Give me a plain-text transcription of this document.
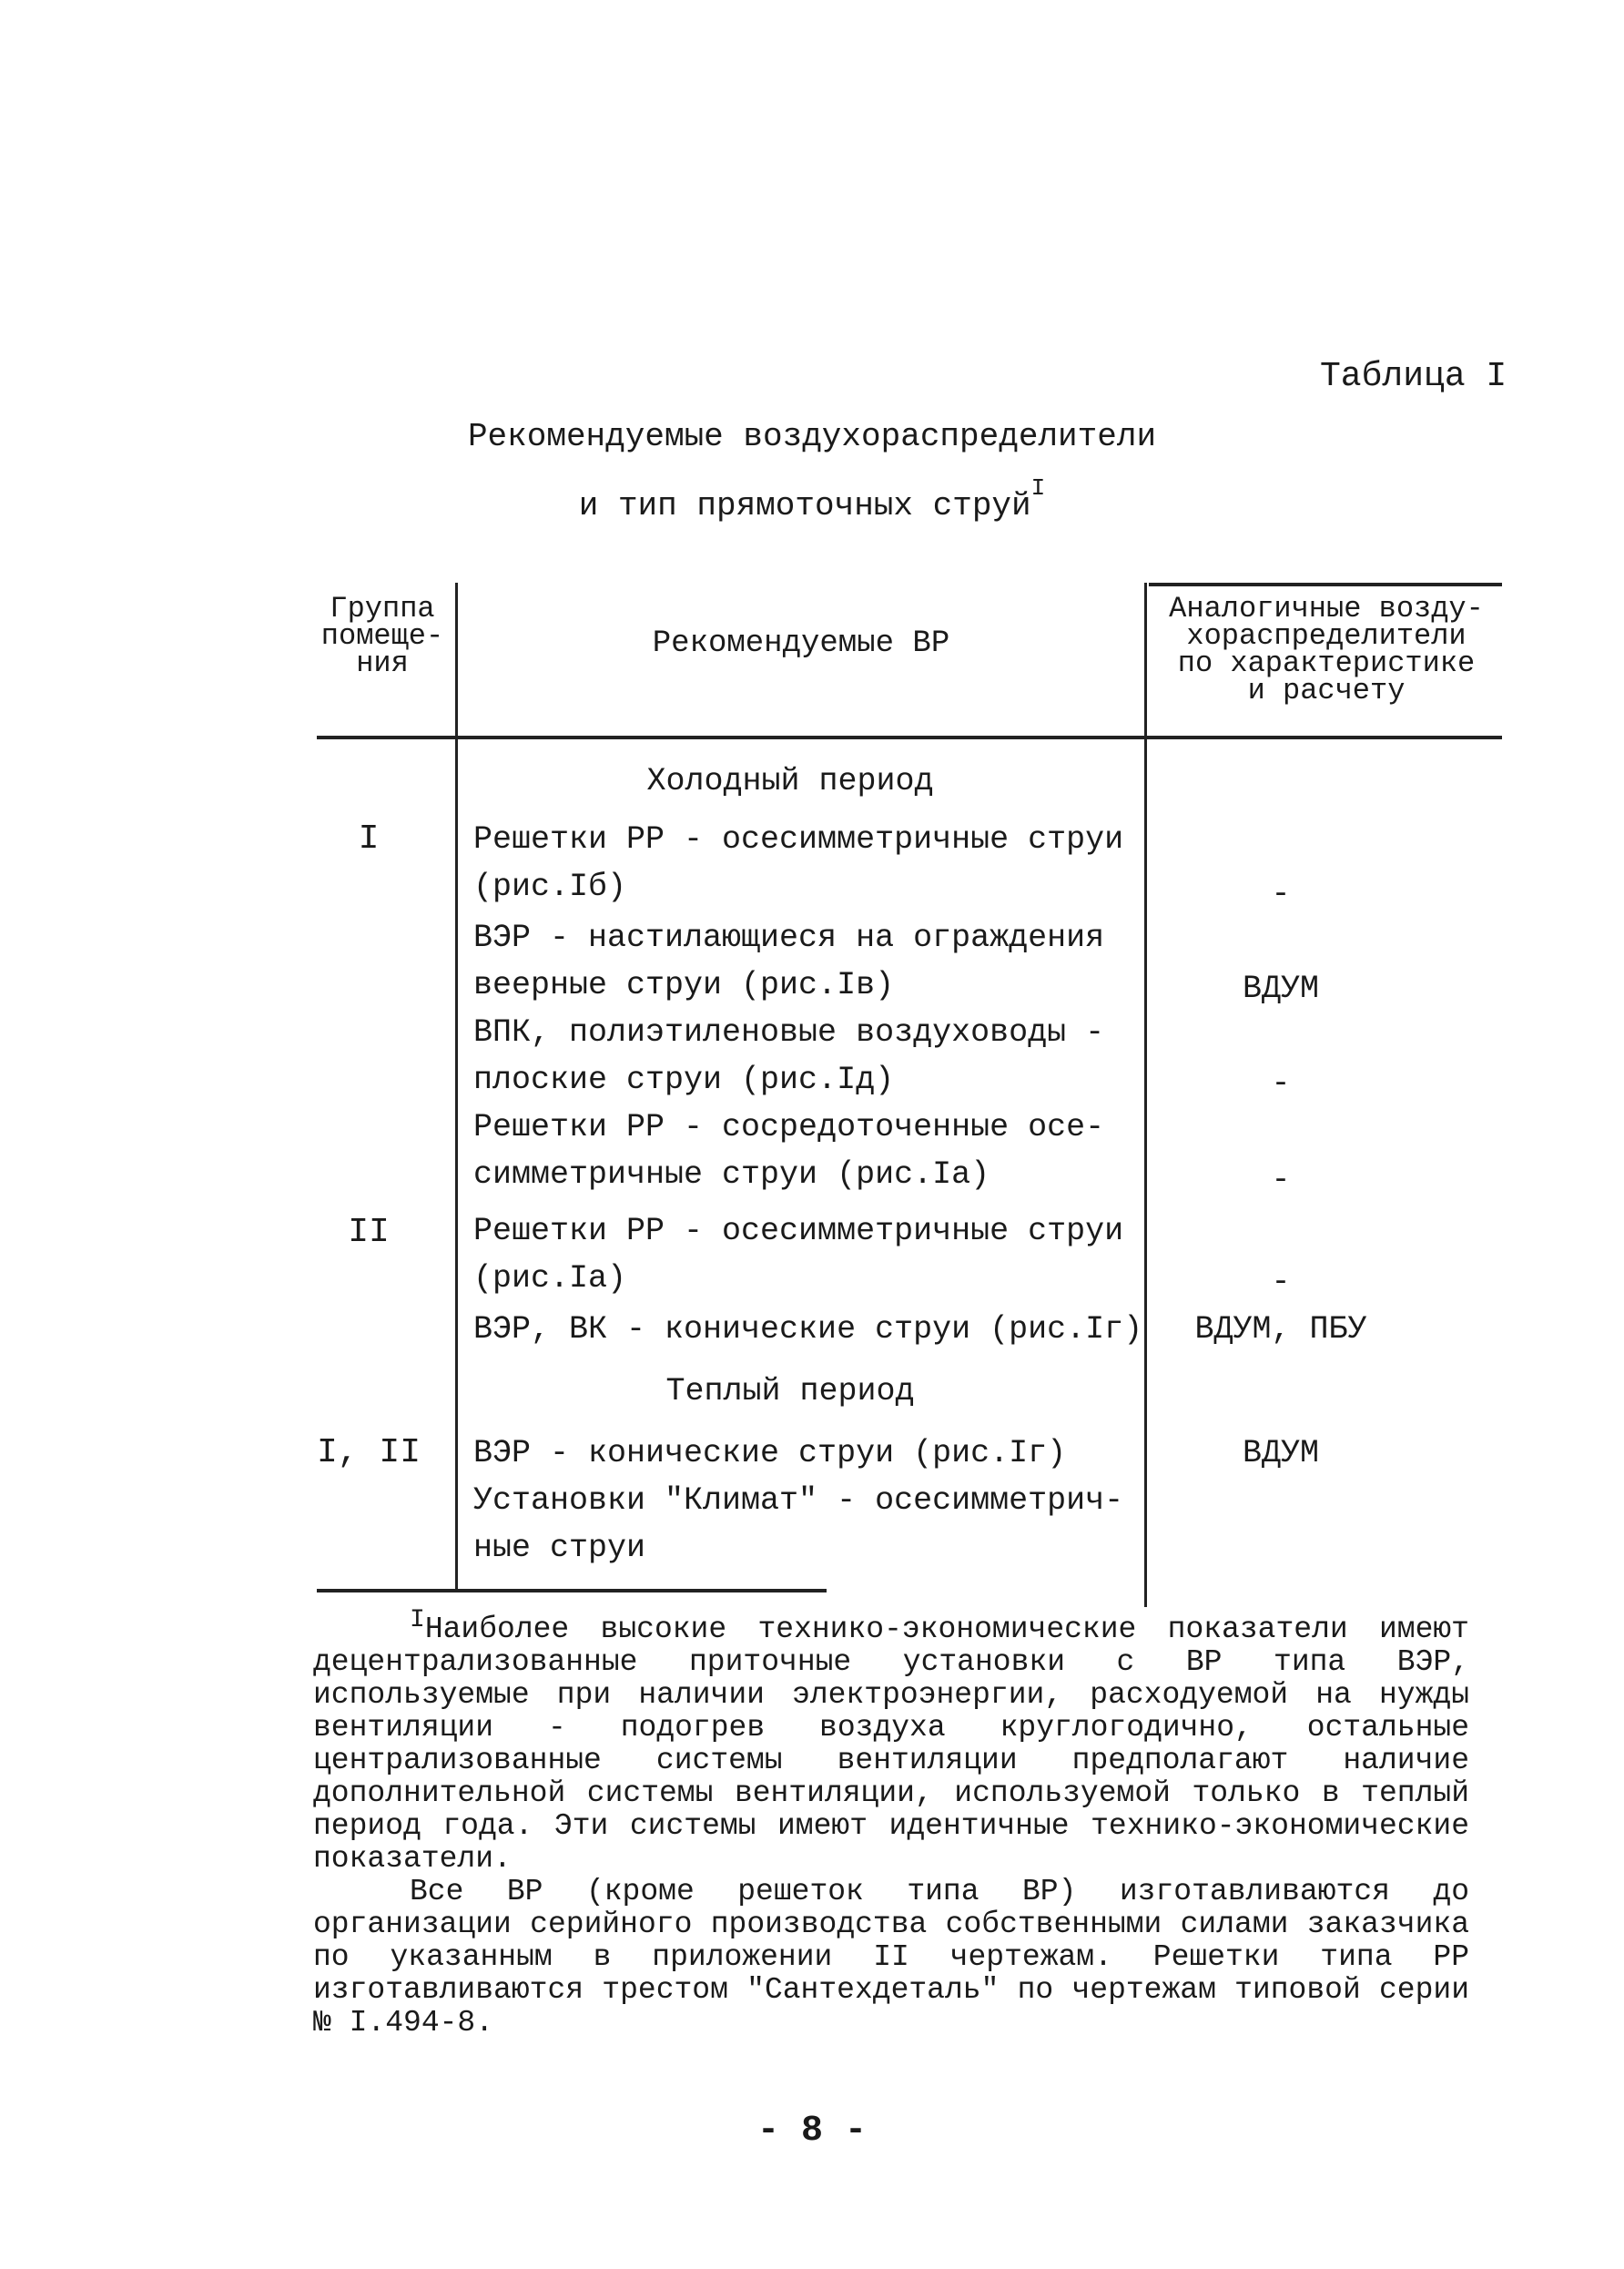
Таблица I
Рекомендуемые воздухораспределители
и тип прямоточных струй$^I$
Группа
помеще-
ния
Рекомендуемые ВР
Аналогичные возду-
хораспределители
по характеристике
и расчету
Холодный период
Теплый период
I
II
I, II
Решетки РР - осесимметричные струи
(рис.Iб)
ВЭР - настилающиеся на ограждения
веерные струи (рис.Iв)
ВПК, полиэтиленовые воздуховоды -
плоские струи (рис.Iд)
Решетки РР - сосредоточенные осе-
симметричные струи (рис.Iа)
Решетки РР - осесимметричные струи
(рис.Iа)
ВЭР, ВК - конические струи (рис.Iг)
ВЭР - конические струи (рис.Iг)
Установки "Климат" - осесимметрич-
ные струи
-
ВДУМ
-
-
-
ВДУМ, ПБУ
ВДУМ

$^I$Наиболее высокие технико-экономические показатели имеют децентрализованные приточные установки с ВР типа ВЭР, используемые при наличии электроэнергии, расходуемой на нужды вентиляции - подогрев воздуха круглогодично, остальные централизованные системы вентиляции предполагают наличие дополнительной системы вентиляции, используемой только в теплый период года. Эти системы имеют идентичные технико-экономические показатели.

Все ВР (кроме решеток типа ВР) изготавливаются до организации серийного производства собственными силами заказчика по указанным в приложении II чертежам. Решетки типа РР изготавливаются трестом "Сантехдеталь" по чертежам типовой серии № I.494-8.

- 8 -
